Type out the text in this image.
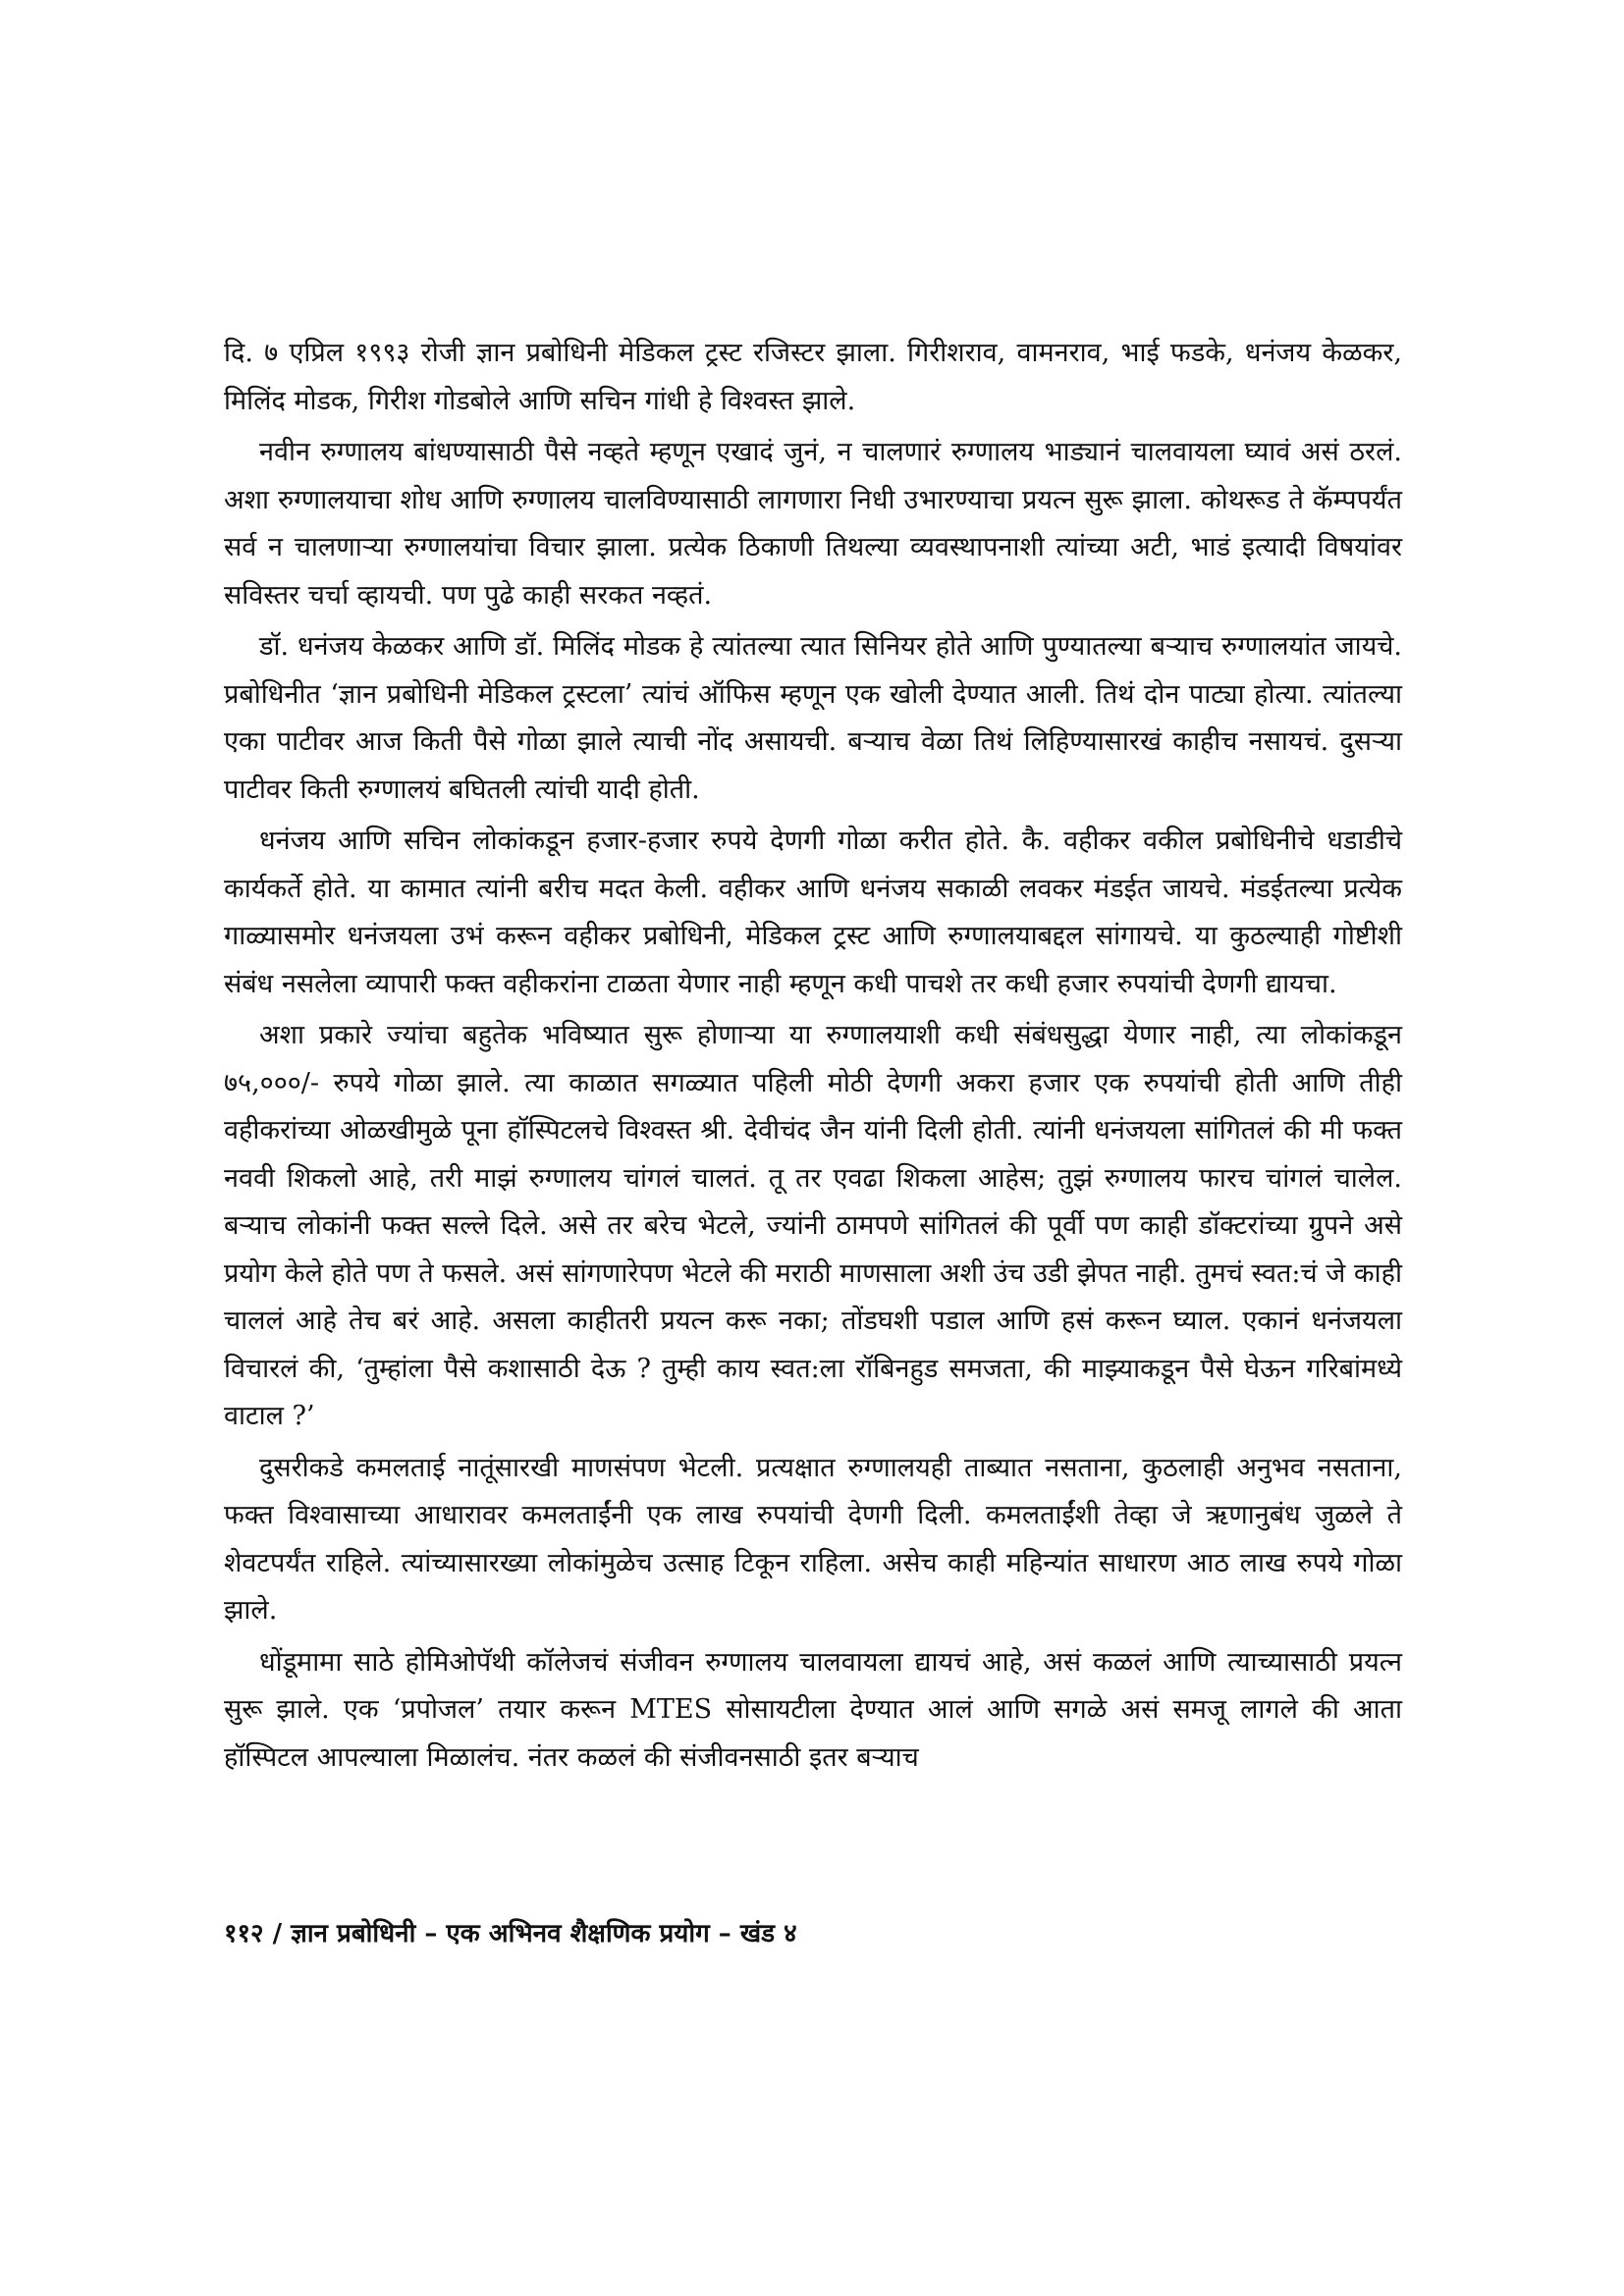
दि. ७ एप्रिल १९९३ रोजी ज्ञान प्रबोधिनी मेडिकल ट्रस्ट रजिस्टर झाला. गिरीशराव, वामनराव, भाई फडके, धनंजय केळकर, मिलिंद मोडक, गिरीश गोडबोले आणि सचिन गांधी हे विश्वस्त झाले.

नवीन रुग्णालय बांधण्यासाठी पैसे नव्हते म्हणून एखादं जुनं, न चालणारं रुग्णालय भाड्यानं चालवायला घ्यावं असं ठरलं. अशा रुग्णालयाचा शोध आणि रुग्णालय चालविण्यासाठी लागणारा निधी उभारण्याचा प्रयत्न सुरू झाला. कोथरूड ते कॅम्पपर्यंत सर्व न चालणाऱ्या रुग्णालयांचा विचार झाला. प्रत्येक ठिकाणी तिथल्या व्यवस्थापनाशी त्यांच्या अटी, भाडं इत्यादी विषयांवर सविस्तर चर्चा व्हायची. पण पुढे काही सरकत नव्हतं.

डॉ. धनंजय केळकर आणि डॉ. मिलिंद मोडक हे त्यांतल्या त्यात सिनियर होते आणि पुण्यातल्या बऱ्याच रुग्णालयांत जायचे. प्रबोधिनीत ‘ज्ञान प्रबोधिनी मेडिकल ट्रस्टला’ त्यांचं ऑफिस म्हणून एक खोली देण्यात आली. तिथं दोन पाट्या होत्या. त्यांतल्या एका पाटीवर आज किती पैसे गोळा झाले त्याची नोंद असायची. बऱ्याच वेळा तिथं लिहिण्यासारखं काहीच नसायचं. दुसऱ्या पाटीवर किती रुग्णालयं बघितली त्यांची यादी होती.

धनंजय आणि सचिन लोकांकडून हजार-हजार रुपये देणगी गोळा करीत होते. कै. वहीकर वकील प्रबोधिनीचे धडाडीचे कार्यकर्ते होते. या कामात त्यांनी बरीच मदत केली. वहीकर आणि धनंजय सकाळी लवकर मंडईत जायचे. मंडईतल्या प्रत्येक गाळ्यासमोर धनंजयला उभं करून वहीकर प्रबोधिनी, मेडिकल ट्रस्ट आणि रुग्णालयाबद्दल सांगायचे. या कुठल्याही गोष्टीशी संबंध नसलेला व्यापारी फक्त वहीकरांना टाळता येणार नाही म्हणून कधी पाचशे तर कधी हजार रुपयांची देणगी द्यायचा.

अशा प्रकारे ज्यांचा बहुतेक भविष्यात सुरू होणाऱ्या या रुग्णालयाशी कधी संबंधसुद्धा येणार नाही, त्या लोकांकडून ७५,०००/- रुपये गोळा झाले. त्या काळात सगळ्यात पहिली मोठी देणगी अकरा हजार एक रुपयांची होती आणि तीही वहीकरांच्या ओळखीमुळे पूना हॉस्पिटलचे विश्वस्त श्री. देवीचंद जैन यांनी दिली होती. त्यांनी धनंजयला सांगितलं की मी फक्त नववी शिकलो आहे, तरी माझं रुग्णालय चांगलं चालतं. तू तर एवढा शिकला आहेस; तुझं रुग्णालय फारच चांगलं चालेल. बऱ्याच लोकांनी फक्त सल्ले दिले. असे तर बरेच भेटले, ज्यांनी ठामपणे सांगितलं की पूर्वी पण काही डॉक्टरांच्या ग्रुपने असे प्रयोग केले होते पण ते फसले. असं सांगणारेपण भेटले की मराठी माणसाला अशी उंच उडी झेपत नाही. तुमचं स्वत:चं जे काही चाललं आहे तेच बरं आहे. असला काहीतरी प्रयत्न करू नका; तोंडघशी पडाल आणि हसं करून घ्याल. एकानं धनंजयला विचारलं की, ‘तुम्हांला पैसे कशासाठी देऊ ? तुम्ही काय स्वत:ला रॉबिनहुड समजता, की माझ्याकडून पैसे घेऊन गरिबांमध्ये वाटाल ?’

दुसरीकडे कमलताई नातूंसारखी माणसंपण भेटली. प्रत्यक्षात रुग्णालयही ताब्यात नसताना, कुठलाही अनुभव नसताना, फक्त विश्वासाच्या आधारावर कमलताईंनी एक लाख रुपयांची देणगी दिली. कमलताईंशी तेव्हा जे ऋणानुबंध जुळले ते शेवटपर्यंत राहिले. त्यांच्यासारख्या लोकांमुळेच उत्साह टिकून राहिला. असेच काही महिन्यांत साधारण आठ लाख रुपये गोळा झाले.

धोंडूमामा साठे होमिओपॅथी कॉलेजचं संजीवन रुग्णालय चालवायला द्यायचं आहे, असं कळलं आणि त्याच्यासाठी प्रयत्न सुरू झाले. एक ‘प्रपोजल’ तयार करून MTES सोसायटीला देण्यात आलं आणि सगळे असं समजू लागले की आता हॉस्पिटल आपल्याला मिळालंच. नंतर कळलं की संजीवनसाठी इतर बऱ्याच

११२ / ज्ञान प्रबोधिनी – एक अभिनव शैक्षणिक प्रयोग – खंड ४
